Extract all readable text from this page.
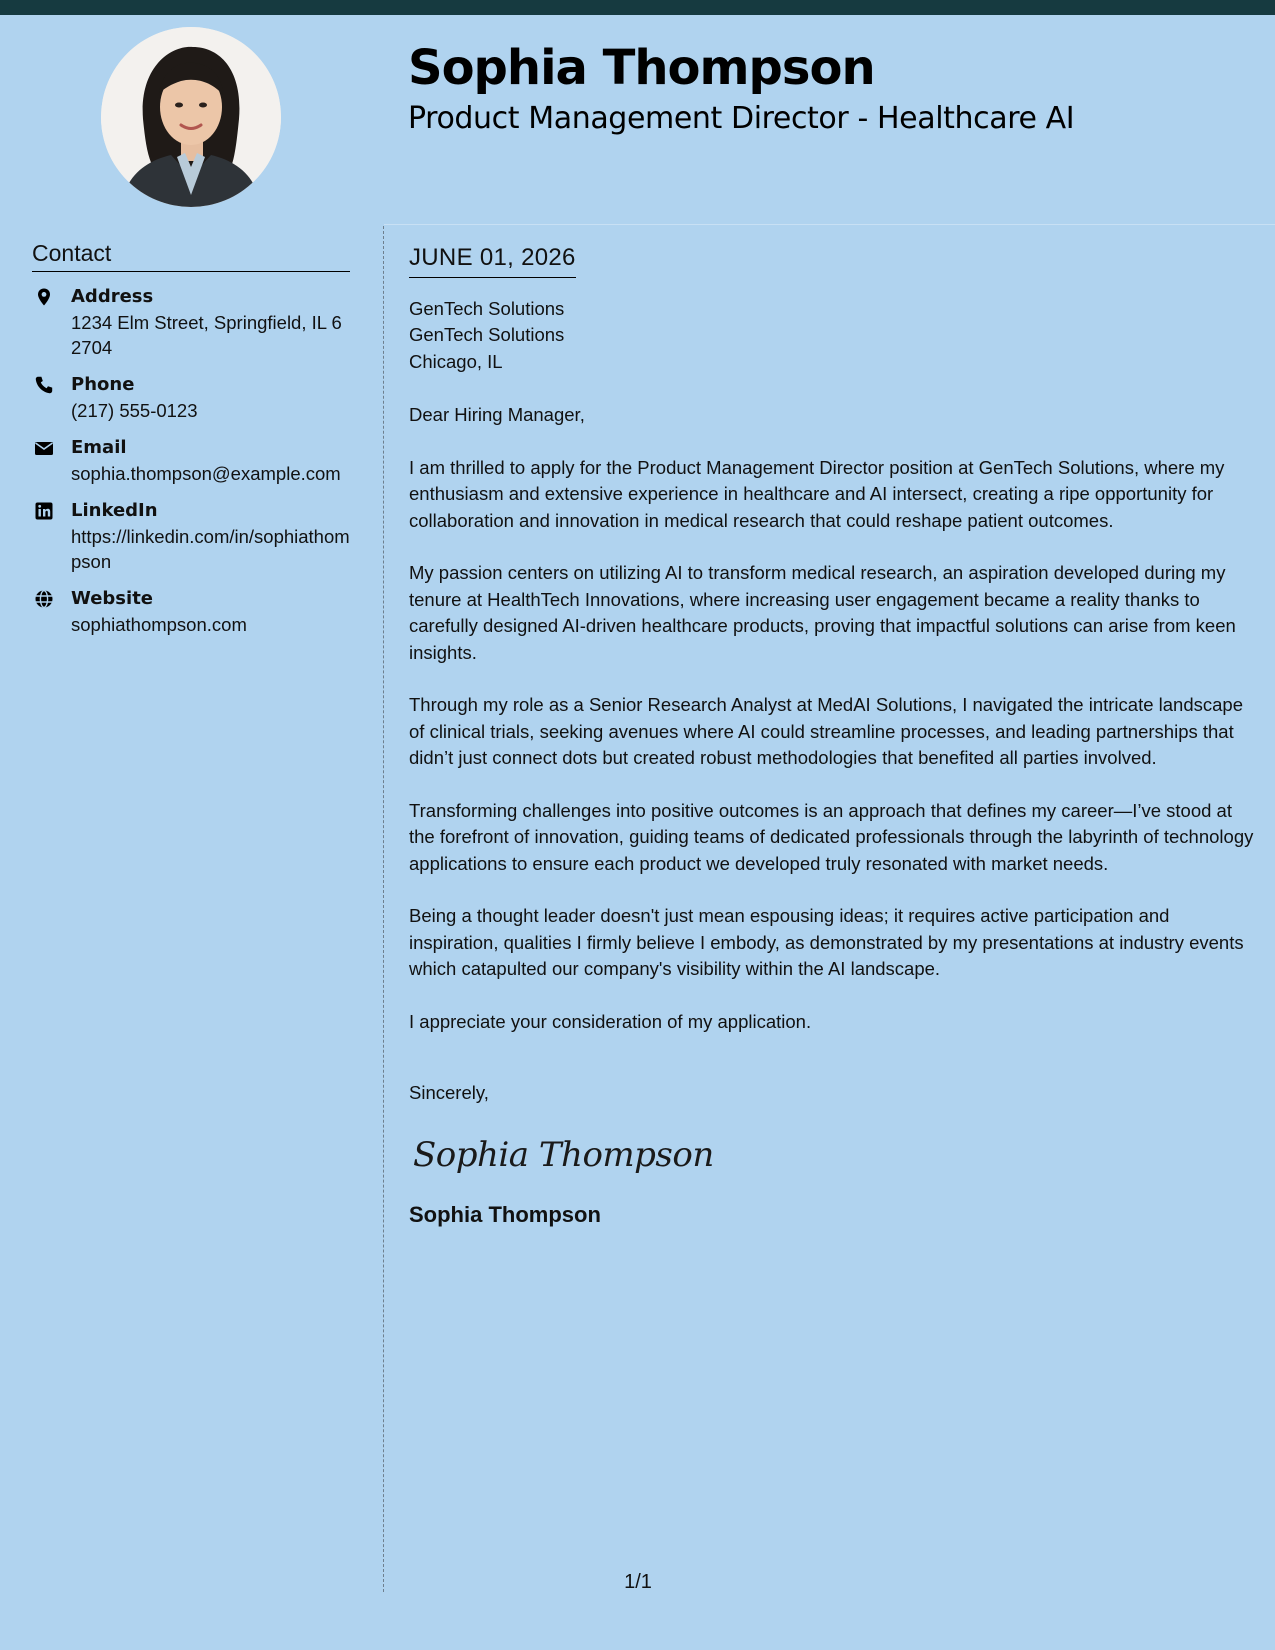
Sophia Thompson
Product Management Director - Healthcare AI
Contact
Address
1234 Elm Street, Springfield, IL 62704
Phone
(217) 555-0123
Email
sophia.thompson@example.com
LinkedIn
https://linkedin.com/in/sophiathompson
Website
sophiathompson.com
JUNE 01, 2026
GenTech Solutions
GenTech Solutions
Chicago, IL

Dear Hiring Manager,

I am thrilled to apply for the Product Management Director position at GenTech Solutions, where my enthusiasm and extensive experience in healthcare and AI intersect, creating a ripe opportunity for collaboration and innovation in medical research that could reshape patient outcomes.

My passion centers on utilizing AI to transform medical research, an aspiration developed during my tenure at HealthTech Innovations, where increasing user engagement became a reality thanks to carefully designed AI-driven healthcare products, proving that impactful solutions can arise from keen insights.

Through my role as a Senior Research Analyst at MedAI Solutions, I navigated the intricate landscape of clinical trials, seeking avenues where AI could streamline processes, and leading partnerships that didn’t just connect dots but created robust methodologies that benefited all parties involved.

Transforming challenges into positive outcomes is an approach that defines my career—I’ve stood at the forefront of innovation, guiding teams of dedicated professionals through the labyrinth of technology applications to ensure each product we developed truly resonated with market needs.

Being a thought leader doesn't just mean espousing ideas; it requires active participation and inspiration, qualities I firmly believe I embody, as demonstrated by my presentations at industry events which catapulted our company's visibility within the AI landscape.

I appreciate your consideration of my application.

Sincerely,

Sophia Thompson

Sophia Thompson

1/1
